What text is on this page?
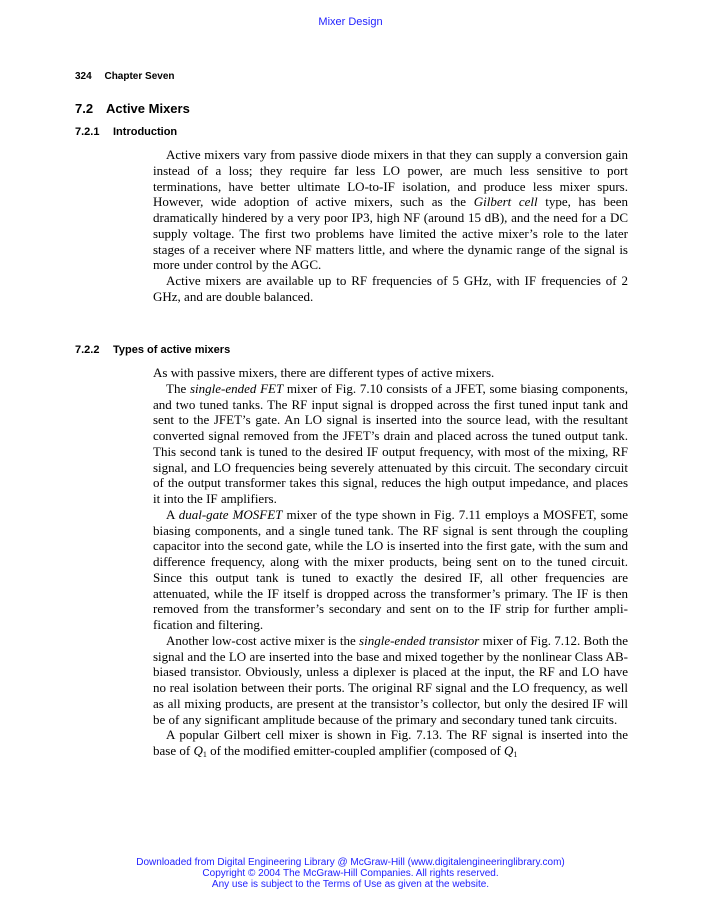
Mixer Design
324 Chapter Seven
7.2 Active Mixers
7.2.1 Introduction

Active mixers vary from passive diode mixers in that they can supply a conversion gain instead of a loss; they require far less LO power, are much less sensitive to port terminations, have better ultimate LO-to-IF isolation, and produce less mixer spurs. However, wide adoption of active mixers, such as the Gilbert cell type, has been dramatically hindered by a very poor IP3, high NF (around 15 dB), and the need for a DC supply voltage. The first two problems have limited the active mixer’s role to the later stages of a receiver where NF matters little, and where the dynamic range of the signal is more under control by the AGC.

Active mixers are available up to RF frequencies of 5 GHz, with IF frequencies of 2 GHz, and are double balanced.

7.2.2 Types of active mixers

As with passive mixers, there are different types of active mixers.

The single-ended FET mixer of Fig. 7.10 consists of a JFET, some biasing components, and two tuned tanks. The RF input signal is dropped across the first tuned input tank and sent to the JFET’s gate. An LO signal is inserted into the source lead, with the resultant converted signal removed from the JFET’s drain and placed across the tuned output tank. This second tank is tuned to the desired IF output frequency, with most of the mixing, RF signal, and LO frequencies being severely attenuated by this circuit. The secondary circuit of the output transformer takes this signal, reduces the high output impedance, and places it into the IF amplifiers.

A dual-gate MOSFET mixer of the type shown in Fig. 7.11 employs a MOSFET, some biasing components, and a single tuned tank. The RF signal is sent through the coupling capacitor into the second gate, while the LO is inserted into the first gate, with the sum and difference frequency, along with the mixer products, being sent on to the tuned circuit. Since this output tank is tuned to exactly the desired IF, all other frequencies are attenuated, while the IF itself is dropped across the transformer’s primary. The IF is then removed from the transformer’s secondary and sent on to the IF strip for further amplification and filtering.

Another low-cost active mixer is the single-ended transistor mixer of Fig. 7.12. Both the signal and the LO are inserted into the base and mixed together by the nonlinear Class AB-biased transistor. Obviously, unless a diplexer is placed at the input, the RF and LO have no real isolation between their ports. The original RF signal and the LO frequency, as well as all mixing products, are present at the transistor’s collector, but only the desired IF will be of any significant amplitude because of the primary and secondary tuned tank circuits.

A popular Gilbert cell mixer is shown in Fig. 7.13. The RF signal is inserted into the base of $Q_1$ of the modified emitter-coupled amplifier (composed of $Q_1$

Downloaded from Digital Engineering Library @ McGraw-Hill (www.digitalengineeringlibrary.com)
Copyright © 2004 The McGraw-Hill Companies. All rights reserved.
Any use is subject to the Terms of Use as given at the website.
